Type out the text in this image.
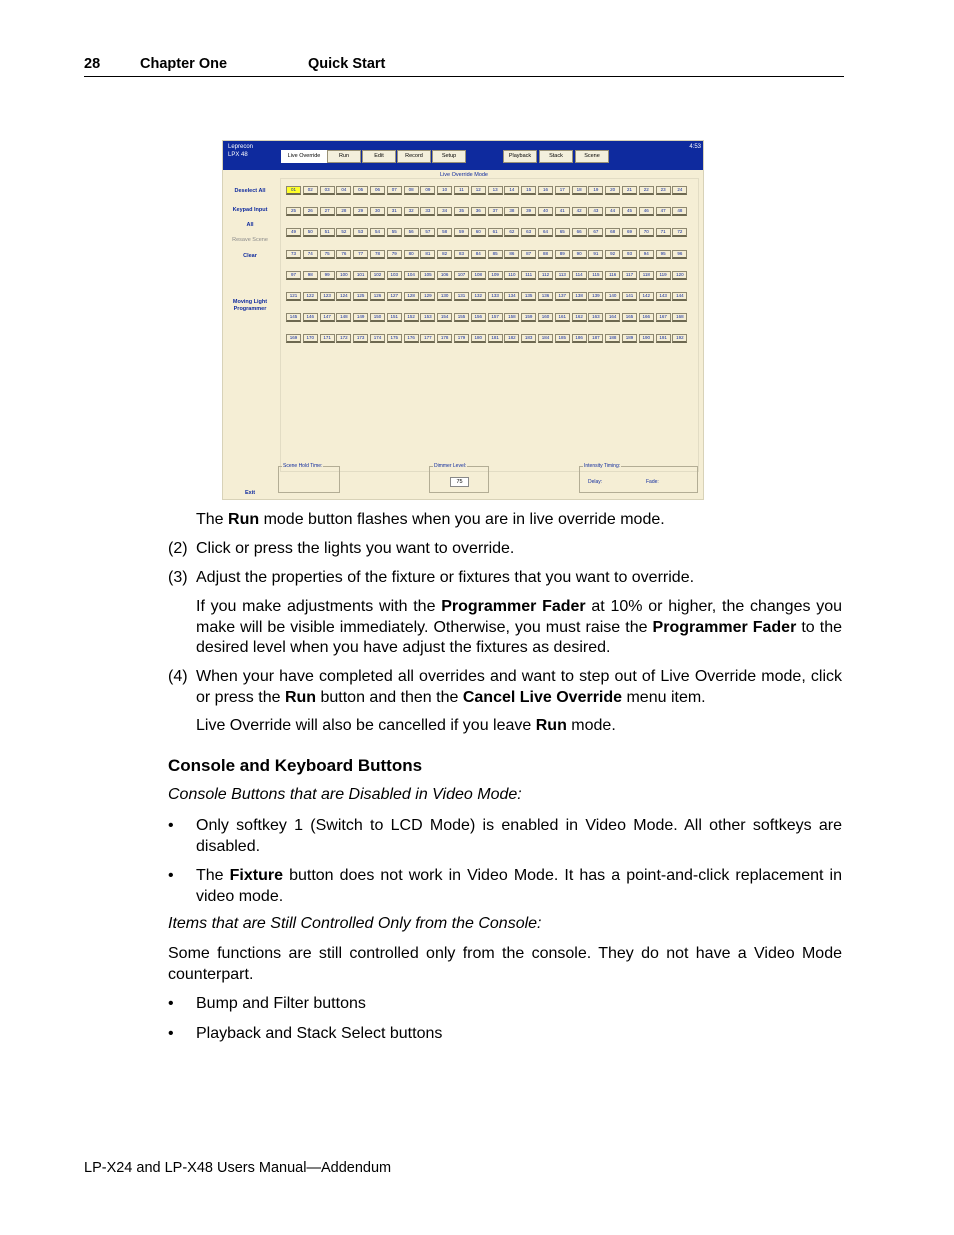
28	Chapter One	Quick Start
Leprecon
LPX 48	Live Override	Run	Edit	Record	Setup	Playback	Stack	Scene
4:53
Live Override Mode
Deselect All
Keypad Input
All
Resave Scene
Clear
Moving Light Programmer
Exit
Scene Hold Time:	Dimmer Level:
75
Intensity Timing:
Delay:	Fade:
01	02	03	04	05	06	07	08	09	10	11	12	13	14	15	16	17	18	19	20	21	22	23	24
25	26	27	28	29	30	31	32	33	34	35	36	37	38	39	40	41	42	43	44	45	46	47	48
49	50	51	52	53	54	55	56	57	58	59	60	61	62	63	64	65	66	67	68	69	70	71	72
73	74	75	76	77	78	79	80	81	82	83	84	85	86	87	88	89	90	91	92	93	94	95	96
97	98	99	100	101	102	103	104	105	106	107	108	109	110	111	112	113	114	115	116	117	118	119	120
121	122	123	124	125	126	127	128	129	130	131	132	133	134	135	136	137	138	139	140	141	142	143	144
145	146	147	148	149	150	151	152	153	154	155	156	157	158	159	160	161	162	163	164	165	166	167	168
169	170	171	172	173	174	175	176	177	178	179	180	181	182	183	184	185	186	187	188	189	190	191	192
The Run mode button flashes when you are in live override mode.
(2) Click or press the lights you want to override.
(3) Adjust the properties of the fixture or fixtures that you want to override.
If you make adjustments with the Programmer Fader at 10% or higher, the changes you make will be visible immediately. Otherwise, you must raise the Programmer Fader to the desired level when you have adjust the fixtures as desired.
(4) When your have completed all overrides and want to step out of Live Override mode, click or press the Run button and then the Cancel Live Override menu item.
Live Override will also be cancelled if you leave Run mode.
Console and Keyboard Buttons
Console Buttons that are Disabled in Video Mode:
• Only softkey 1 (Switch to LCD Mode) is enabled in Video Mode. All other softkeys are disabled.
• The Fixture button does not work in Video Mode. It has a point-and-click replacement in video mode.
Items that are Still Controlled Only from the Console:
Some functions are still controlled only from the console. They do not have a Video Mode counterpart.
• Bump and Filter buttons
• Playback and Stack Select buttons
LP-X24 and LP-X48 Users Manual—Addendum
